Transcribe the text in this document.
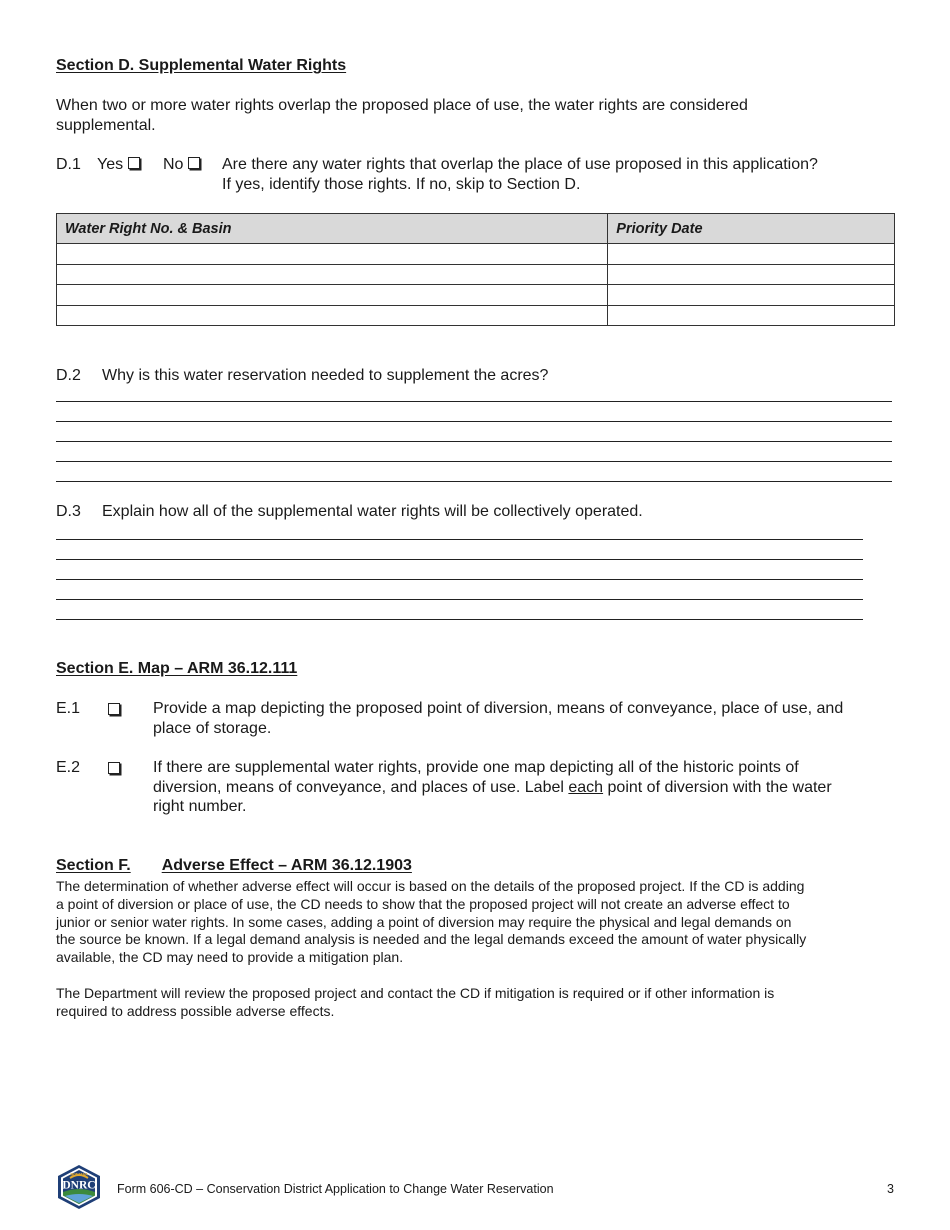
Section D. Supplemental Water Rights
When two or more water rights overlap the proposed place of use, the water rights are considered
supplemental.
D.1 Yes	No	Are there any water rights that overlap the place of use proposed in this application?
If yes, identify those rights. If no, skip to Section D.
Water Right No. & Basin	Priority Date

D.2 Why is this water reservation needed to supplement the acres?
D.3 Explain how all of the supplemental water rights will be collectively operated.
Section E. Map – ARM 36.12.111
E.1	Provide a map depicting the proposed point of diversion, means of conveyance, place of use, and
place of storage.
E.2	If there are supplemental water rights, provide one map depicting all of the historic points of
diversion, means of conveyance, and places of use. Label each point of diversion with the water
right number.
Section F. Adverse Effect – ARM 36.12.1903
The determination of whether adverse effect will occur is based on the details of the proposed project. If the CD is adding
a point of diversion or place of use, the CD needs to show that the proposed project will not create an adverse effect to
junior or senior water rights. In some cases, adding a point of diversion may require the physical and legal demands on
the source be known. If a legal demand analysis is needed and the legal demands exceed the amount of water physically
available, the CD may need to provide a mitigation plan.
The Department will review the proposed project and contact the CD if mitigation is required or if other information is
required to address possible adverse effects.
MONTANA
DNRC Form 606-CD – Conservation District Application to Change Water Reservation	3
